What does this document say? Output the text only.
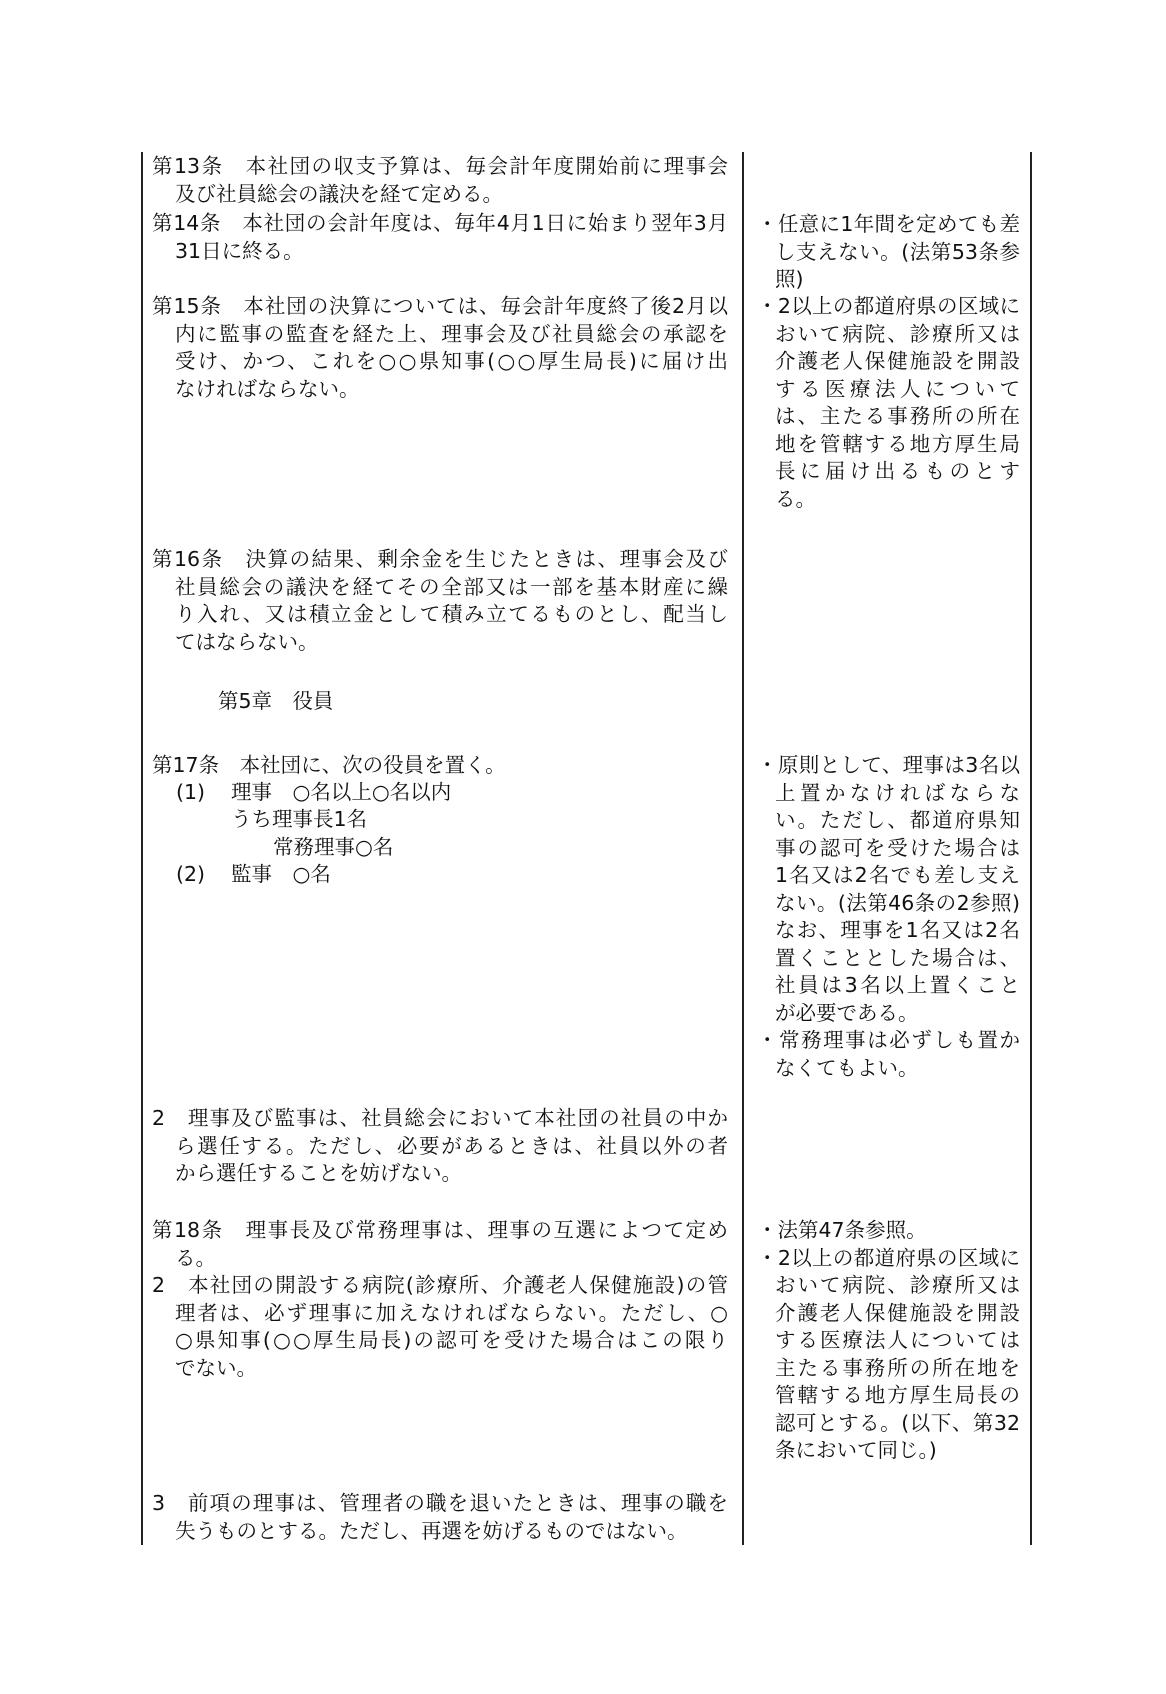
第13条　本社団の収支予算は、毎会計年度開始前に理事会
及び社員総会の議決を経て定める。
第14条　本社団の会計年度は、毎年4月1日に始まり翌年3月
31日に終る。
第15条　本社団の決算については、毎会計年度終了後2月以
内に監事の監査を経た上、理事会及び社員総会の承認を
受け、かつ、これを○○県知事(○○厚生局長)に届け出
なければならない。
・任意に1年間を定めても差
し支えない。(法第53条参
照)
・2以上の都道府県の区域に
おいて病院、診療所又は
介護老人保健施設を開設
する医療法人について
は、主たる事務所の所在
地を管轄する地方厚生局
長に届け出るものとす
る。
第16条　決算の結果、剰余金を生じたときは、理事会及び
社員総会の議決を経てその全部又は一部を基本財産に繰
り入れ、又は積立金として積み立てるものとし、配当し
てはならない。
・原則として、理事は3名以
上置かなければならな
い。ただし、都道府県知
事の認可を受けた場合は
1名又は2名でも差し支え
ない。(法第46条の2参照)
なお、理事を1名又は2名
置くこととした場合は、
社員は3名以上置くこと
が必要である。
・常務理事は必ずしも置か
なくてもよい。
2　理事及び監事は、社員総会において本社団の社員の中か
ら選任する。ただし、必要があるときは、社員以外の者
から選任することを妨げない。
第18条　理事長及び常務理事は、理事の互選によつて定め
る。
2　本社団の開設する病院(診療所、介護老人保健施設)の管
理者は、必ず理事に加えなければならない。ただし、○
○県知事(○○厚生局長)の認可を受けた場合はこの限り
でない。
・法第47条参照。
・2以上の都道府県の区域に
おいて病院、診療所又は
介護老人保健施設を開設
する医療法人については
主たる事務所の所在地を
管轄する地方厚生局長の
認可とする。(以下、第32
条において同じ。)
3　前項の理事は、管理者の職を退いたときは、理事の職を
失うものとする。ただし、再選を妨げるものではない。
第5章　役員
第17条　本社団に、次の役員を置く。
(1) 理事　○名以上○名以内
うち理事長1名
常務理事○名
(2) 監事　○名
